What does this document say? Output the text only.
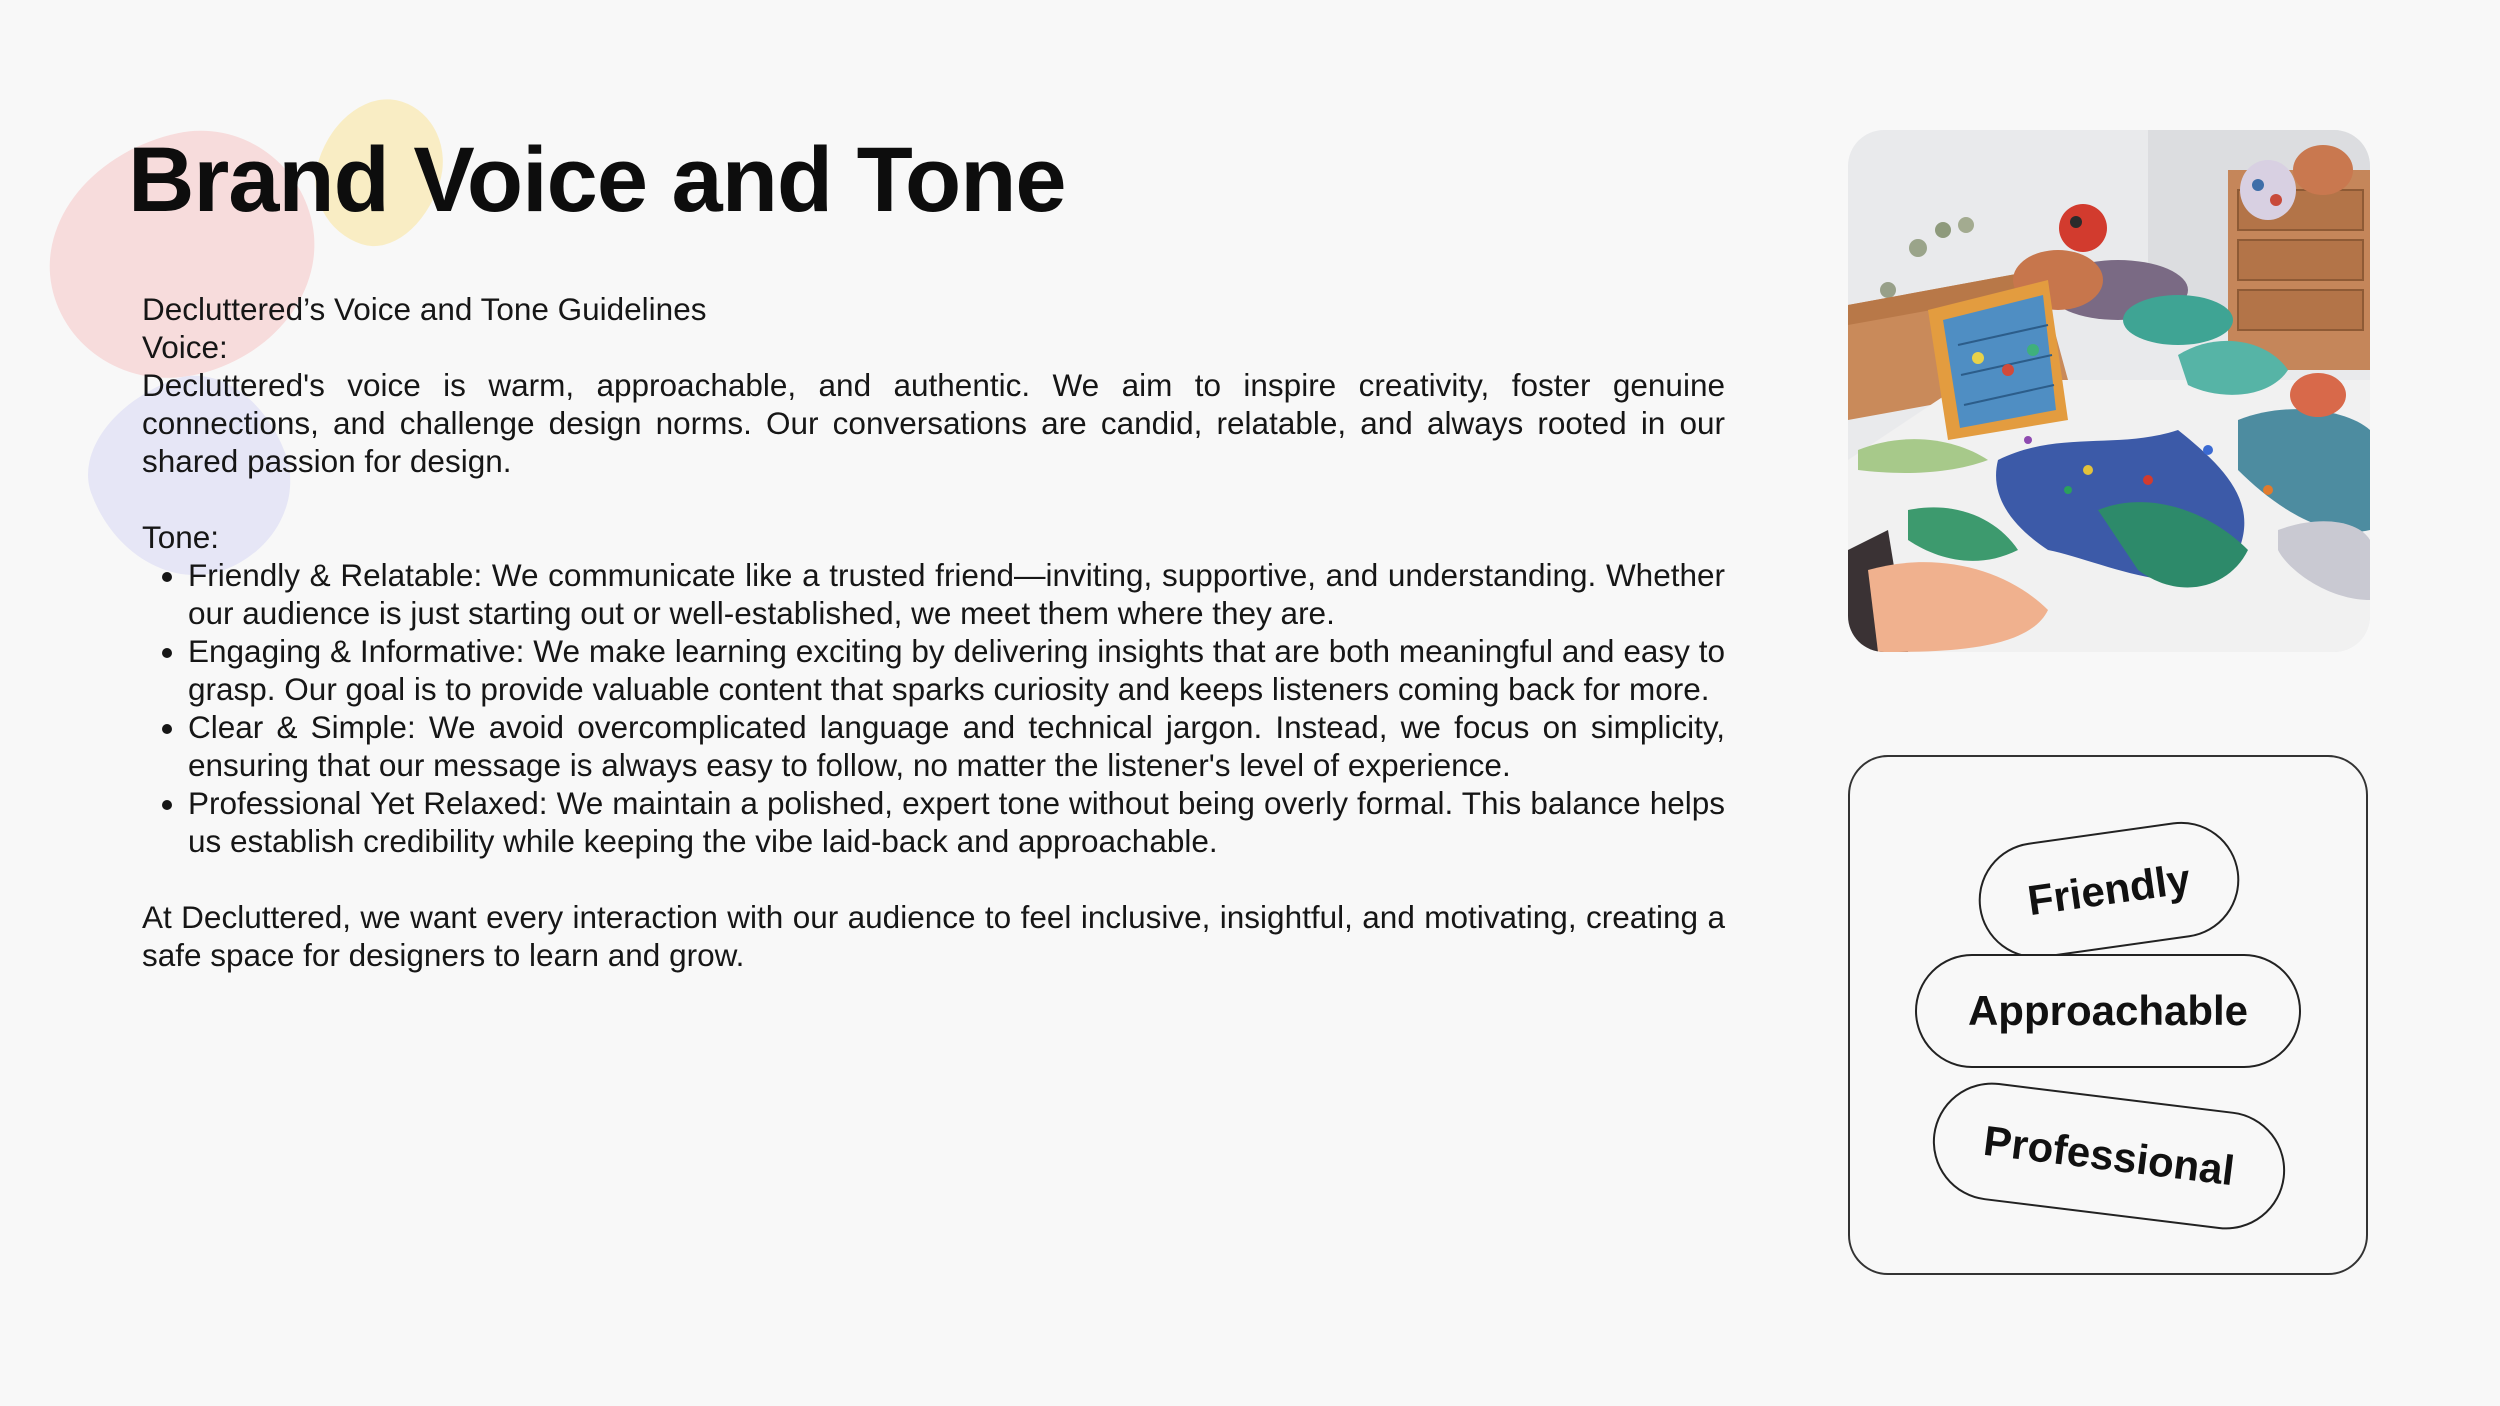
Brand Voice and Tone

Decluttered’s Voice and Tone Guidelines

Voice:

Decluttered's voice is warm, approachable, and authentic. We aim to inspire creativity, foster genuine connections, and challenge design norms. Our conversations are candid, relatable, and always rooted in our shared passion for design.

Tone:

• Friendly & Relatable: We communicate like a trusted friend—inviting, supportive, and understanding. Whether our audience is just starting out or well-established, we meet them where they are.
• Engaging & Informative: We make learning exciting by delivering insights that are both meaningful and easy to grasp. Our goal is to provide valuable content that sparks curiosity and keeps listeners coming back for more.
• Clear & Simple: We avoid overcomplicated language and technical jargon. Instead, we focus on simplicity, ensuring that our message is always easy to follow, no matter the listener's level of experience.
• Professional Yet Relaxed: We maintain a polished, expert tone without being overly formal. This balance helps us establish credibility while keeping the vibe laid-back and approachable.

At Decluttered, we want every interaction with our audience to feel inclusive, insightful, and motivating, creating a safe space for designers to learn and grow.

Friendly
Approachable
Professional
